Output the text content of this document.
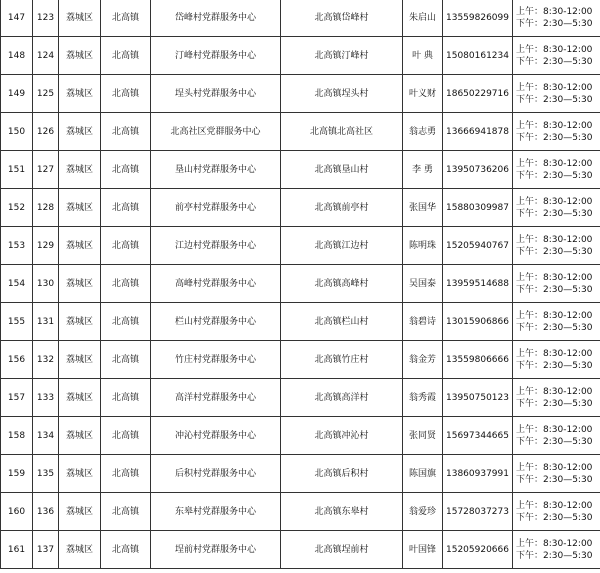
147	123	荔城区	北高镇	岱峰村党群服务中心	北高镇岱峰村	朱启山	13559826099	上午：8:30-12:00
下午：2:30—5:30
148	124	荔城区	北高镇	汀峰村党群服务中心	北高镇汀峰村	叶 典	15080161234	上午：8:30-12:00
下午：2:30—5:30
149	125	荔城区	北高镇	埕头村党群服务中心	北高镇埕头村	叶义财	18650229716	上午：8:30-12:00
下午：2:30—5:30
150	126	荔城区	北高镇	北高社区党群服务中心	北高镇北高社区	翁志勇	13666941878	上午：8:30-12:00
下午：2:30—5:30
151	127	荔城区	北高镇	垦山村党群服务中心	北高镇垦山村	李 勇	13950736206	上午：8:30-12:00
下午：2:30—5:30
152	128	荔城区	北高镇	前亭村党群服务中心	北高镇前亭村	张国华	15880309987	上午：8:30-12:00
下午：2:30—5:30
153	129	荔城区	北高镇	江边村党群服务中心	北高镇江边村	陈明珠	15205940767	上午：8:30-12:00
下午：2:30—5:30
154	130	荔城区	北高镇	高峰村党群服务中心	北高镇高峰村	吴国泰	13959514688	上午：8:30-12:00
下午：2:30—5:30
155	131	荔城区	北高镇	栏山村党群服务中心	北高镇栏山村	翁碧诗	13015906866	上午：8:30-12:00
下午：2:30—5:30
156	132	荔城区	北高镇	竹庄村党群服务中心	北高镇竹庄村	翁金芳	13559806666	上午：8:30-12:00
下午：2:30—5:30
157	133	荔城区	北高镇	高洋村党群服务中心	北高镇高洋村	翁秀霞	13950750123	上午：8:30-12:00
下午：2:30—5:30
158	134	荔城区	北高镇	冲沁村党群服务中心	北高镇冲沁村	张同贤	15697344665	上午：8:30-12:00
下午：2:30—5:30
159	135	荔城区	北高镇	后积村党群服务中心	北高镇后积村	陈国旗	13860937991	上午：8:30-12:00
下午：2:30—5:30
160	136	荔城区	北高镇	东皋村党群服务中心	北高镇东皋村	翁爱珍	15728037273	上午：8:30-12:00
下午：2:30—5:30
161	137	荔城区	北高镇	埕前村党群服务中心	北高镇埕前村	叶国锋	15205920666	上午：8:30-12:00
下午：2:30—5:30
